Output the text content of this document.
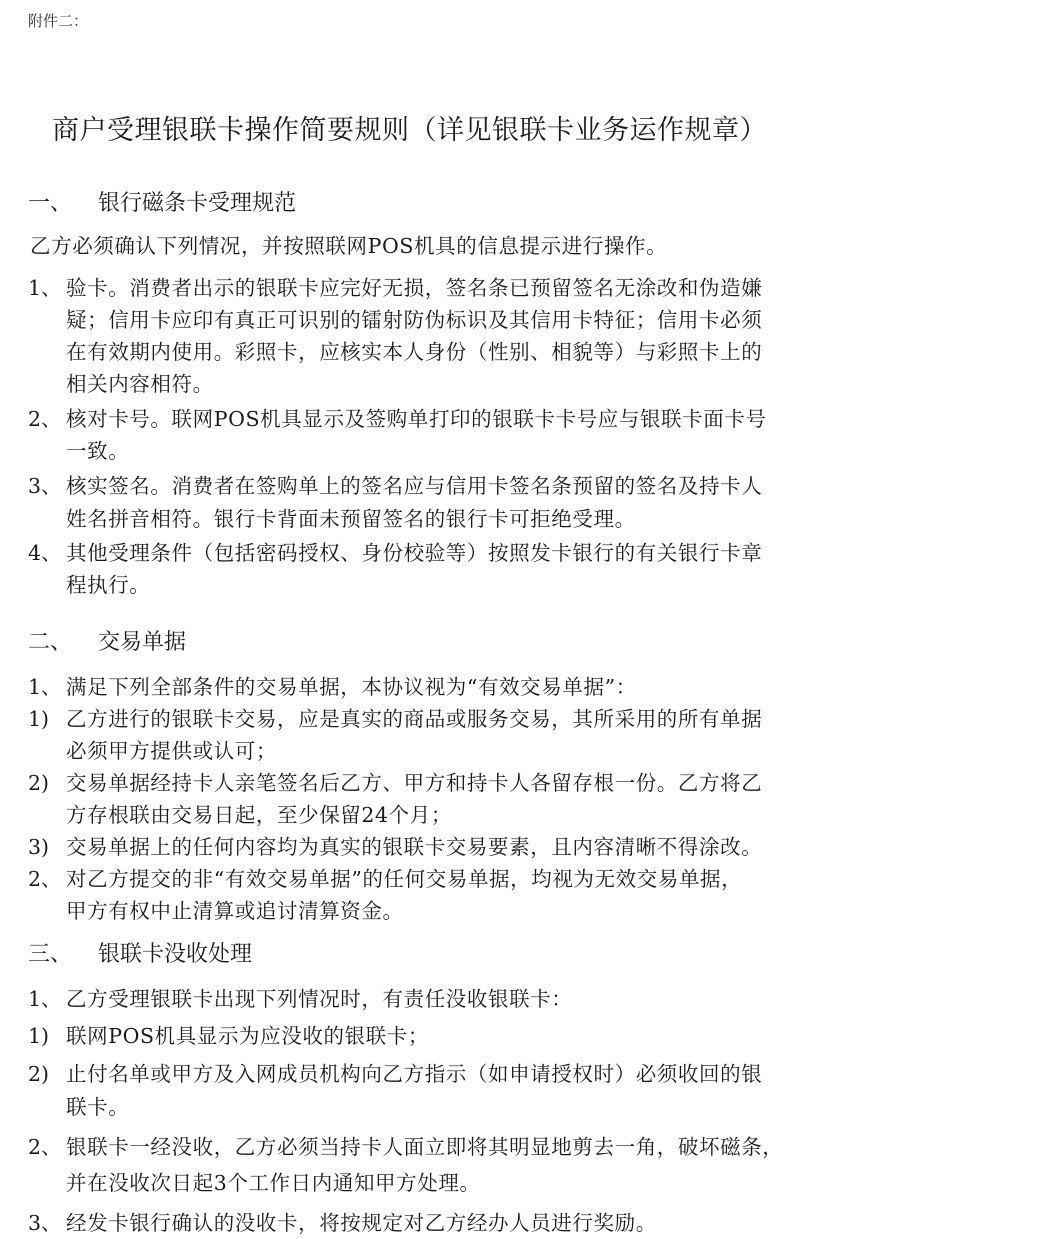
附件二：
商户受理银联卡操作简要规则（详见银联卡业务运作规章）
一、	银行磁条卡受理规范
乙方必须确认下列情况，并按照联网POS机具的信息提示进行操作。
1、 验卡。消费者出示的银联卡应完好无损，签名条已预留签名无涂改和伪造嫌
疑；信用卡应印有真正可识别的镭射防伪标识及其信用卡特征；信用卡必须
在有效期内使用。彩照卡，应核实本人身份（性别、相貌等）与彩照卡上的
相关内容相符。
2、 核对卡号。联网POS机具显示及签购单打印的银联卡卡号应与银联卡面卡号
一致。
3、 核实签名。消费者在签购单上的签名应与信用卡签名条预留的签名及持卡人
姓名拼音相符。银行卡背面未预留签名的银行卡可拒绝受理。
4、 其他受理条件（包括密码授权、身份校验等）按照发卡银行的有关银行卡章
程执行。
二、	交易单据
1、 满足下列全部条件的交易单据，本协议视为“有效交易单据”：
1) 乙方进行的银联卡交易，应是真实的商品或服务交易，其所采用的所有单据
必须甲方提供或认可；
2) 交易单据经持卡人亲笔签名后乙方、甲方和持卡人各留存根一份。乙方将乙
方存根联由交易日起，至少保留24个月；
3) 交易单据上的任何内容均为真实的银联卡交易要素，且内容清晰不得涂改。
2、 对乙方提交的非“有效交易单据”的任何交易单据，均视为无效交易单据，
甲方有权中止清算或追讨清算资金。
三、	银联卡没收处理
1、 乙方受理银联卡出现下列情况时，有责任没收银联卡：
1) 联网POS机具显示为应没收的银联卡；
2) 止付名单或甲方及入网成员机构向乙方指示（如申请授权时）必须收回的银
联卡。
2、 银联卡一经没收，乙方必须当持卡人面立即将其明显地剪去一角，破坏磁条，
并在没收次日起3个工作日内通知甲方处理。
3、 经发卡银行确认的没收卡，将按规定对乙方经办人员进行奖励。
